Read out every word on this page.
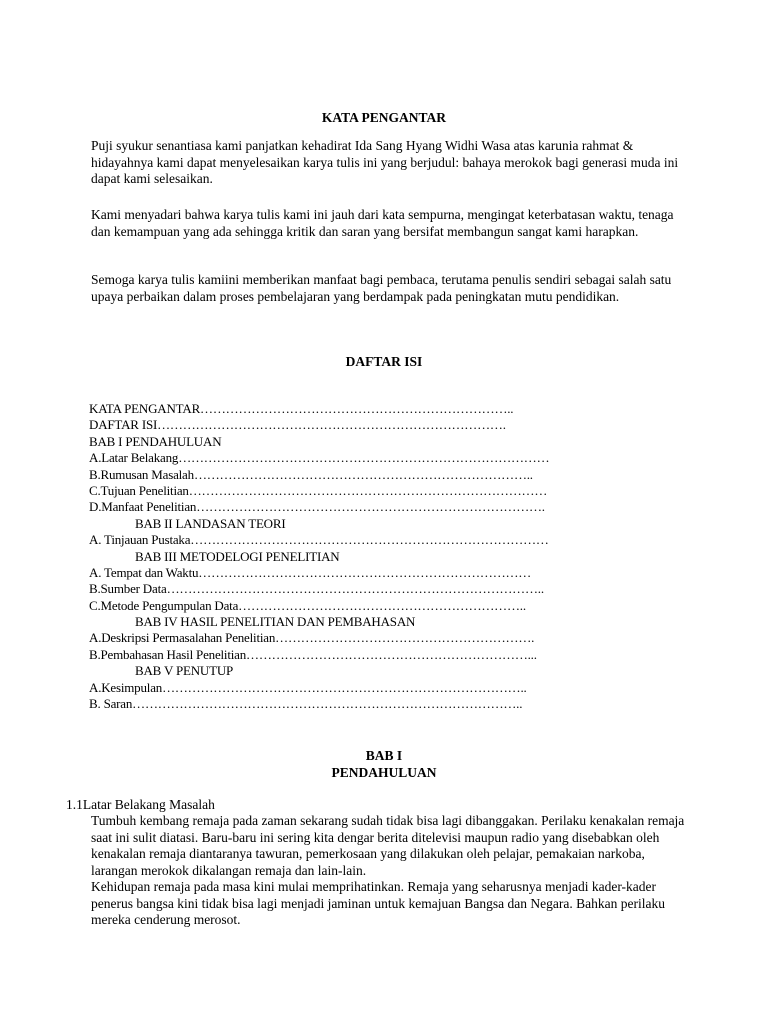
KATA PENGANTAR

Puji syukur senantiasa kami panjatkan kehadirat Ida Sang Hyang Widhi Wasa atas karunia rahmat & hidayahnya kami dapat menyelesaikan karya tulis ini yang berjudul: bahaya merokok bagi generasi muda ini dapat kami selesaikan.

Kami menyadari bahwa karya tulis kami ini jauh dari kata sempurna, mengingat keterbatasan waktu, tenaga dan kemampuan yang ada sehingga kritik dan saran yang bersifat membangun sangat kami harapkan.

Semoga karya tulis kamiini memberikan manfaat bagi pembaca, terutama penulis sendiri sebagai salah satu upaya perbaikan dalam proses pembelajaran yang berdampak pada peningkatan mutu pendidikan.

DAFTAR ISI
KATA PENGANTAR………………………………………………………………..
DAFTAR ISI……………………………………………………………………….
BAB I PENDAHULUAN
A.Latar Belakang……………………………………………………………………………
B.Rumusan Masalah……………………………………………………………………..
C.Tujuan Penelitian…………………………………………………………………………
D.Manfaat Penelitian……………………………………………………………………….
BAB II LANDASAN TEORI
A. Tinjauan Pustaka…………………………………………………………………………
BAB III METODELOGI PENELITIAN
A. Tempat dan Waktu……………………………………………………………………
B.Sumber Data……………………………………………………………………………..
C.Metode Pengumpulan Data…………………………………………………………..
BAB IV HASIL PENELITIAN DAN PEMBAHASAN
A.Deskripsi Permasalahan Penelitian…………………………………………………….
B.Pembahasan Hasil Penelitian…………………………………………………………...
BAB V PENUTUP
A.Kesimpulan…………………………………………………………………………..
B. Saran………………………………………………………………………………..
BAB I
PENDAHULUAN

1.1Latar Belakang Masalah

Tumbuh kembang remaja pada zaman sekarang sudah tidak bisa lagi dibanggakan. Perilaku kenakalan remaja saat ini sulit diatasi. Baru-baru ini sering kita dengar berita ditelevisi maupun radio yang disebabkan oleh kenakalan remaja diantaranya tawuran, pemerkosaan yang dilakukan oleh pelajar, pemakaian narkoba, larangan merokok dikalangan remaja dan lain-lain.

Kehidupan remaja pada masa kini mulai memprihatinkan. Remaja yang seharusnya menjadi kader-kader penerus bangsa kini tidak bisa lagi menjadi jaminan untuk kemajuan Bangsa dan Negara. Bahkan perilaku mereka cenderung merosot.
